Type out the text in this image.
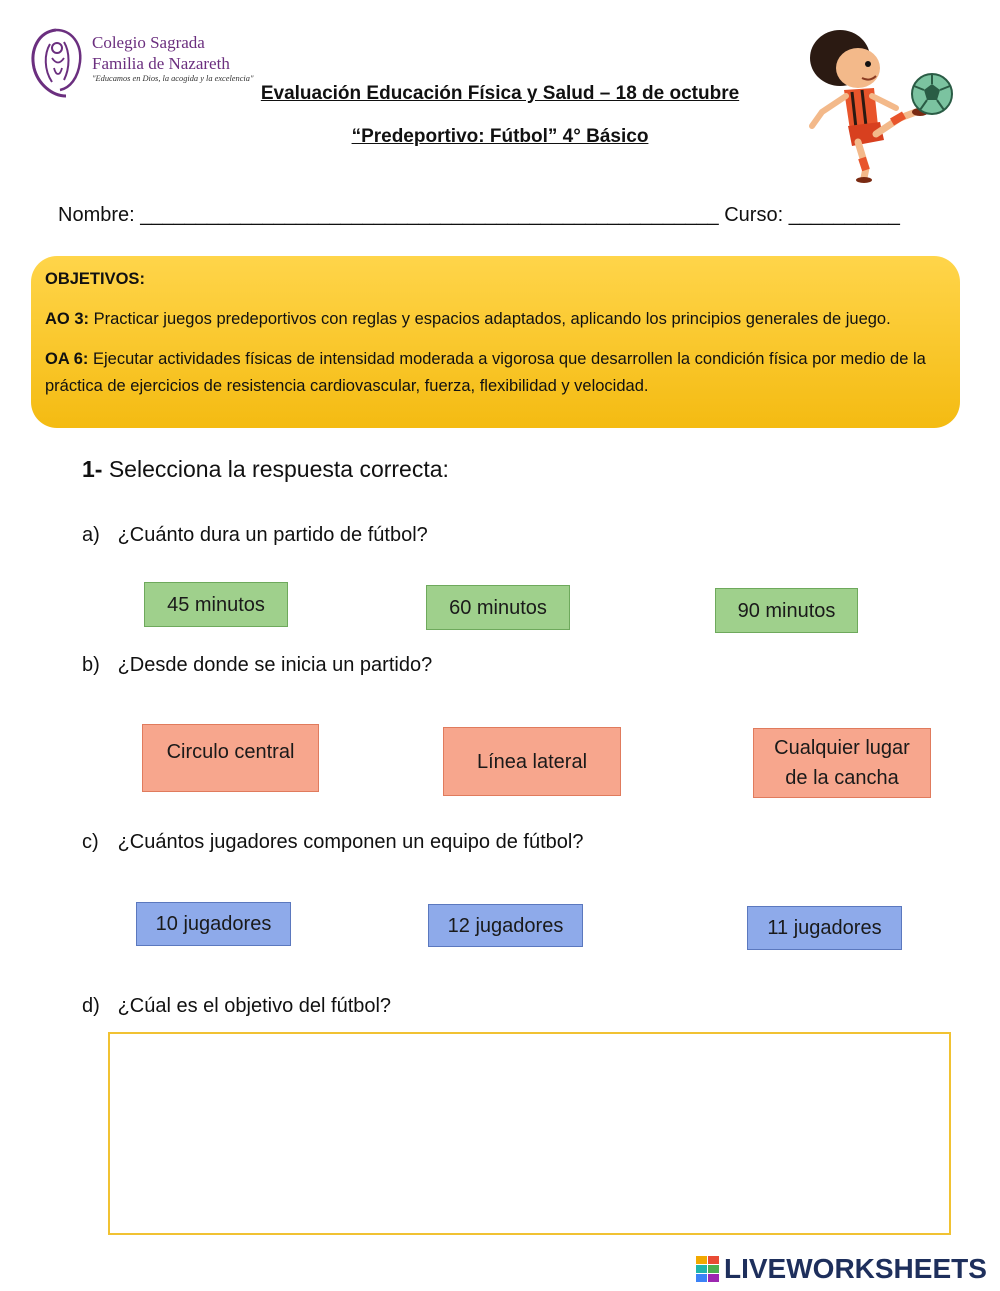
Colegio Sagrada
Familia de Nazareth
"Educamos en Dios, la acogida y la excelencia"
Evaluación Educación Física y Salud – 18 de octubre
“Predeportivo: Fútbol” 4° Básico
Nombre: ____________________________________________________ Curso: __________

OBJETIVOS:

AO 3: Practicar juegos predeportivos con reglas y espacios adaptados, aplicando los principios generales de juego.

OA 6: Ejecutar actividades físicas de intensidad moderada a vigorosa que desarrollen la condición física por medio de la práctica de ejercicios de resistencia cardiovascular, fuerza, flexibilidad y velocidad.

1- Selecciona la respuesta correcta:
a) ¿Cuánto dura un partido de fútbol?
45 minutos	60 minutos	90 minutos
b) ¿Desde donde se inicia un partido?
Circulo central	Línea lateral
Cualquier lugar de la cancha
c) ¿Cuántos jugadores componen un equipo de fútbol?
10 jugadores	12 jugadores	11 jugadores
d) ¿Cúal es el objetivo del fútbol?
LIVEWORKSHEETS
